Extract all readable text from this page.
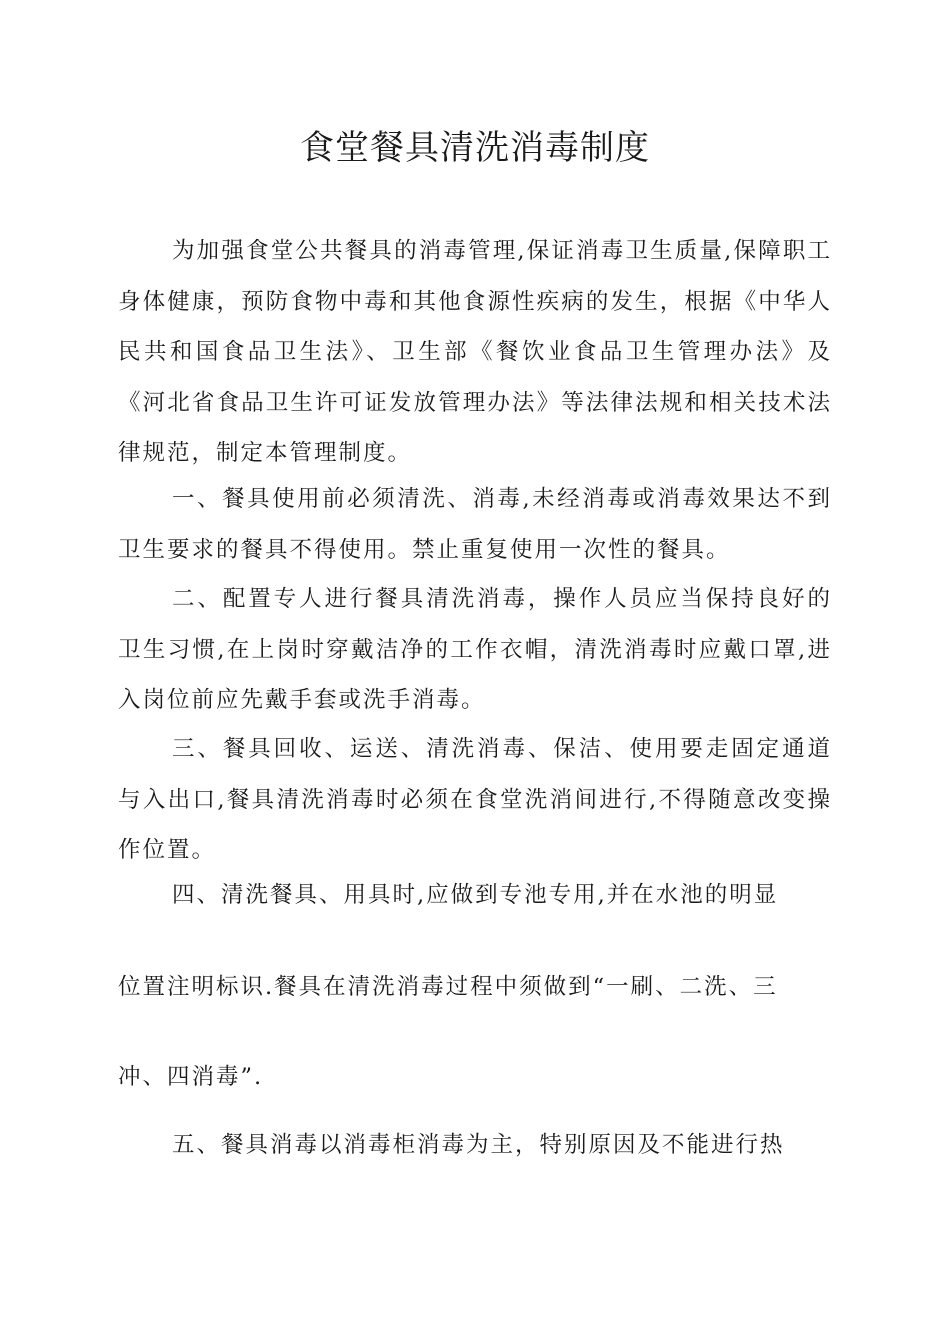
食堂餐具清洗消毒制度

为加强食堂公共餐具的消毒管理,保证消毒卫生质量,保障职工身体健康，预防食物中毒和其他食源性疾病的发生，根据《中华人民共和国食品卫生法》、卫生部《餐饮业食品卫生管理办法》及《河北省食品卫生许可证发放管理办法》等法律法规和相关技术法律规范，制定本管理制度。

一、餐具使用前必须清洗、消毒,未经消毒或消毒效果达不到卫生要求的餐具不得使用。禁止重复使用一次性的餐具。

二、配置专人进行餐具清洗消毒，操作人员应当保持良好的卫生习惯,在上岗时穿戴洁净的工作衣帽，清洗消毒时应戴口罩,进入岗位前应先戴手套或洗手消毒。

三、餐具回收、运送、清洗消毒、保洁、使用要走固定通道与入出口,餐具清洗消毒时必须在食堂洗消间进行,不得随意改变操作位置。

四、清洗餐具、用具时,应做到专池专用,并在水池的明显

位置注明标识.餐具在清洗消毒过程中须做到“一刷、二洗、三

冲、四消毒”.

五、餐具消毒以消毒柜消毒为主，特别原因及不能进行热
